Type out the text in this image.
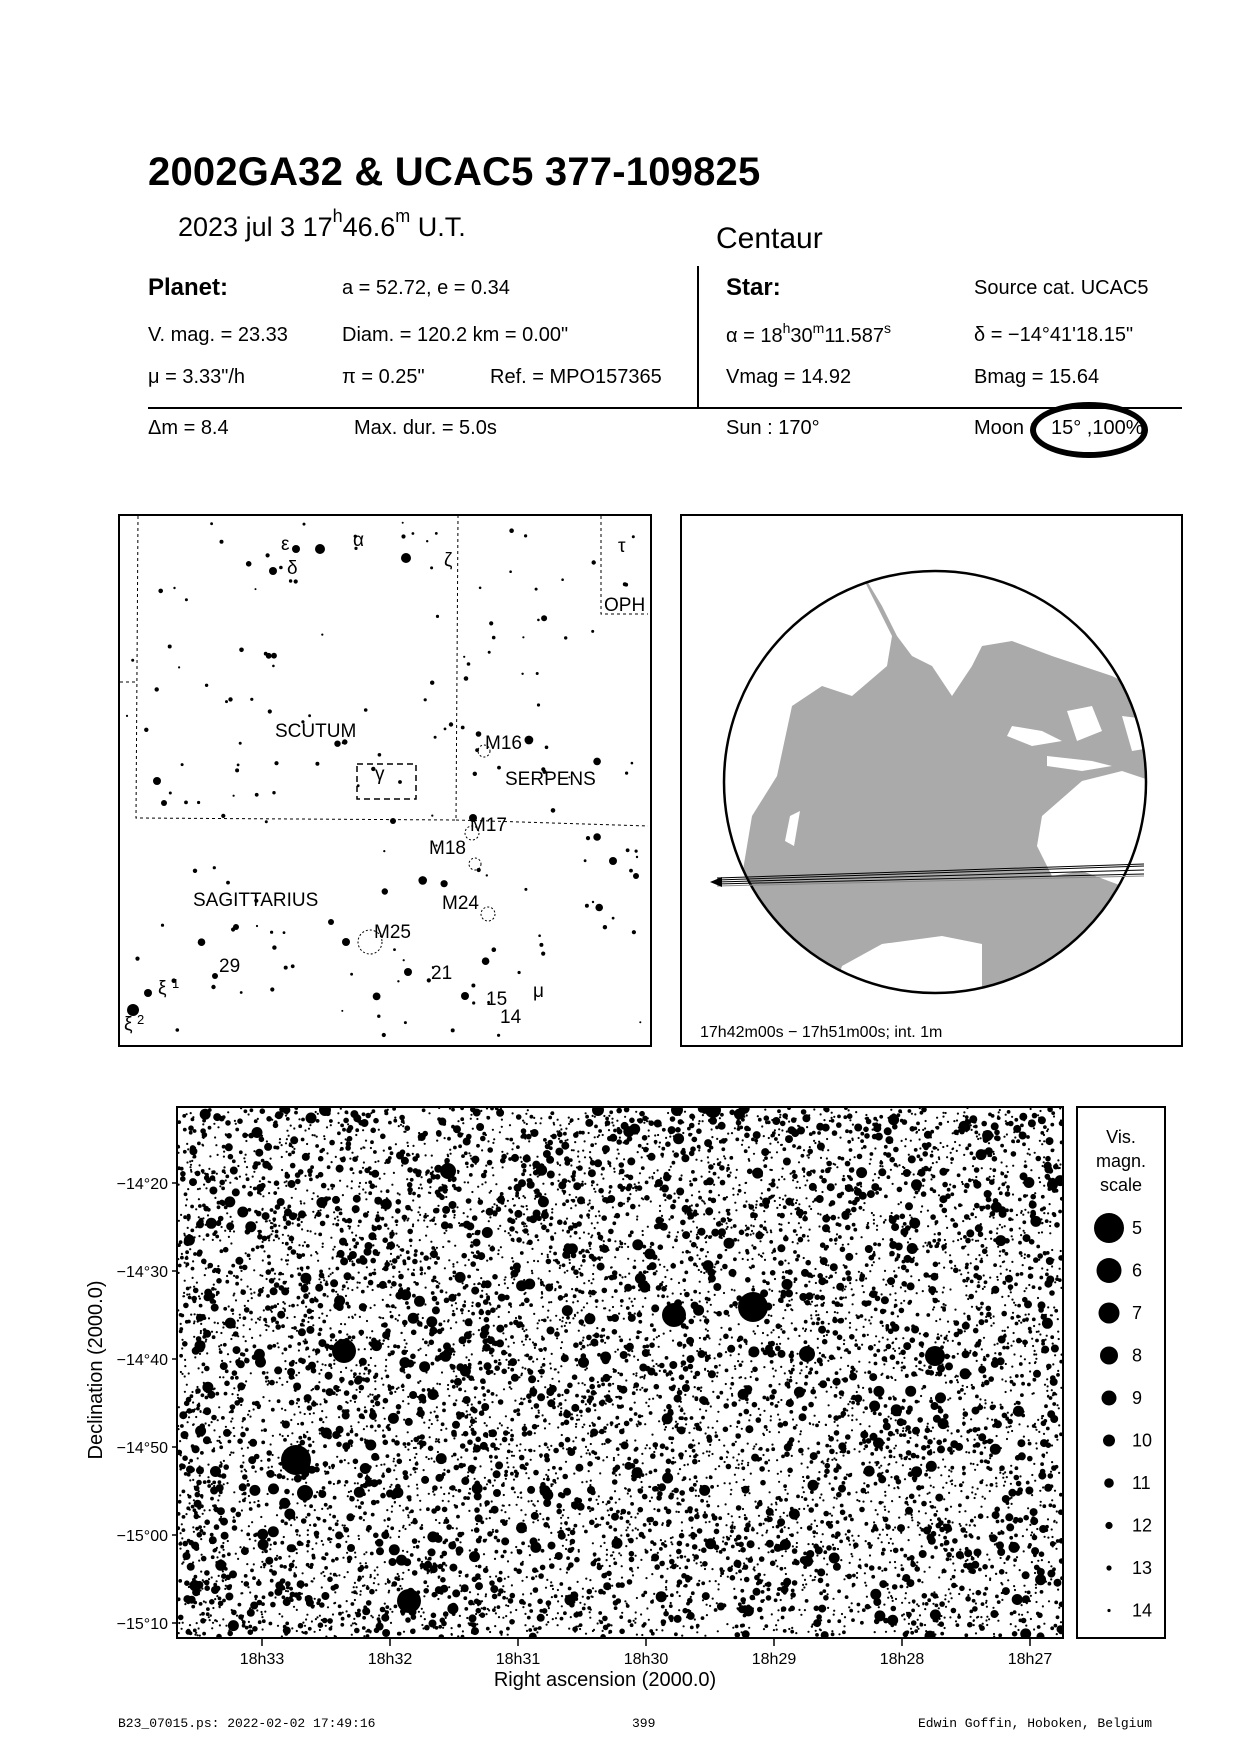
2002GA32 & UCAC5 377-109825
2023 jul 3 17$^h$46.6$^m$ U.T.	Centaur
Planet:	a = 52.72, e = 0.34
V. mag. = 23.33	Diam. = 120.2 km = 0.00"
μ = 3.33"/h	π = 0.25"	Ref. = MPO157365
Δm = 8.4	Max. dur. = 5.0s
Star:	Source cat. UCAC5
$\alpha = 18^h30^m11.587^s$	δ = −14°41'18.15"
Vmag = 14.92	Bmag = 15.64
Sun : 170°	Moon : 15° ,100%
SCUTUM
SERPENS
SAGITTARIUS
OPH
ε	α
δ	ζ
τ
γ
M16
M17
M18
M24
M25
29	21
15
14
μ
ξ 1
ξ 2
17h42m00s − 17h51m00s; int. 1m
−14°20
−14°30
−14°40
−14°50
−15°00
−15°10
18h33	18h32	18h31	18h30	18h29	18h28	18h27
Right ascension (2000.0)
Declination (2000.0)
Vis.
magn.
scale
5
6
7
8
9
10
11
12
13
14
B23_07015.ps: 2022-02-02 17:49:16	399	Edwin Goffin, Hoboken, Belgium
